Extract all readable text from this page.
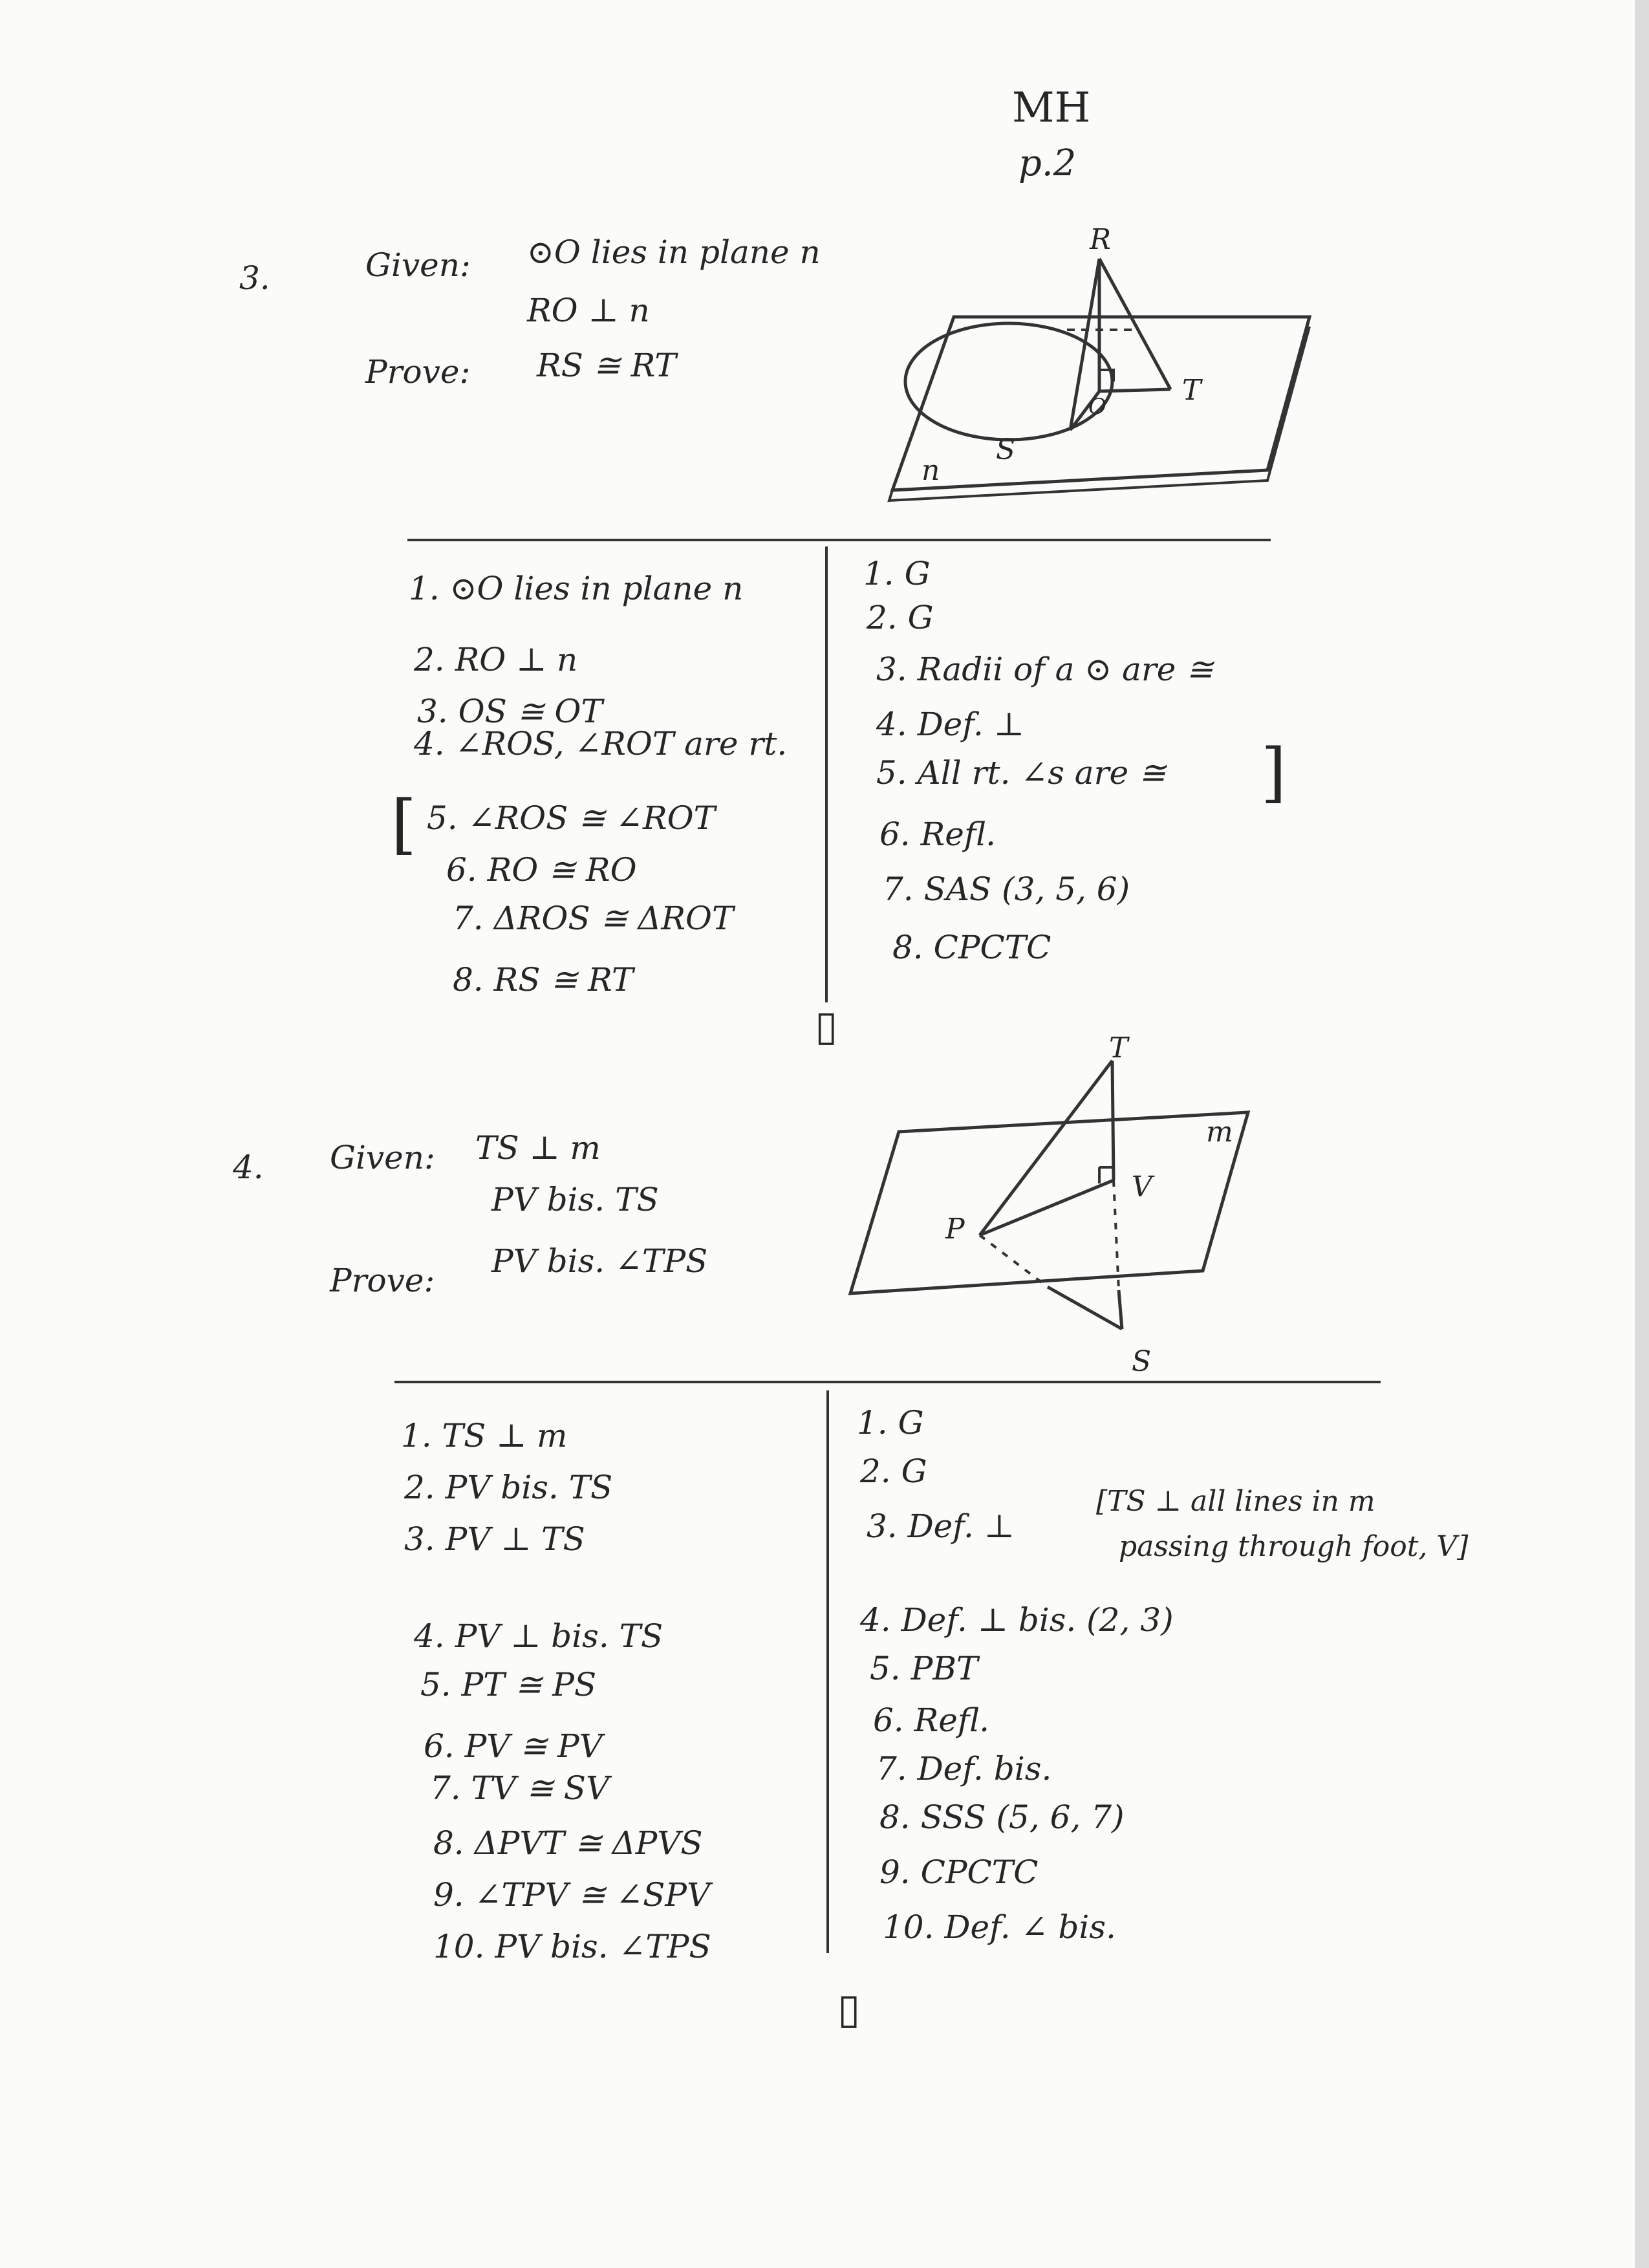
MH
p.2
3.	Given: ⊙O lies in plane n
RO ⊥ n
Prove: RS ≅ RT
R
O	T
S
n
1. ⊙O lies in plane n
2. RO ⊥ n
3. OS ≅ OT
4. ∠ROS, ∠ROT are rt.
[ 5. ∠ROS ≅ ∠ROT
6. RO ≅ RO
7. ΔROS ≅ ΔROT
8. RS ≅ RT
1. G
2. G
3. Radii of a ⊙ are ≅
4. Def. ⊥
5. All rt. ∠s are ≅ ]
6. Refl.
7. SAS (3, 5, 6)
8. CPCTC
▯
4. Given: TS ⊥ m
PV bis. TS
Prove:
PV bis. ∠TPS
T
P
V
S
m
1. TS ⊥ m
2. PV bis. TS
3. PV ⊥ TS
4. PV ⊥ bis. TS
5. PT ≅ PS
6. PV ≅ PV
7. TV ≅ SV
8. ΔPVT ≅ ΔPVS
9. ∠TPV ≅ ∠SPV
10. PV bis. ∠TPS
1. G
2. G
3. Def. ⊥
[TS ⊥ all lines in m
passing through foot, V]
4. Def. ⊥ bis. (2, 3)
5. PBT
6. Refl.
7. Def. bis.
8. SSS (5, 6, 7)
9. CPCTC
10. Def. ∠ bis.
▯
